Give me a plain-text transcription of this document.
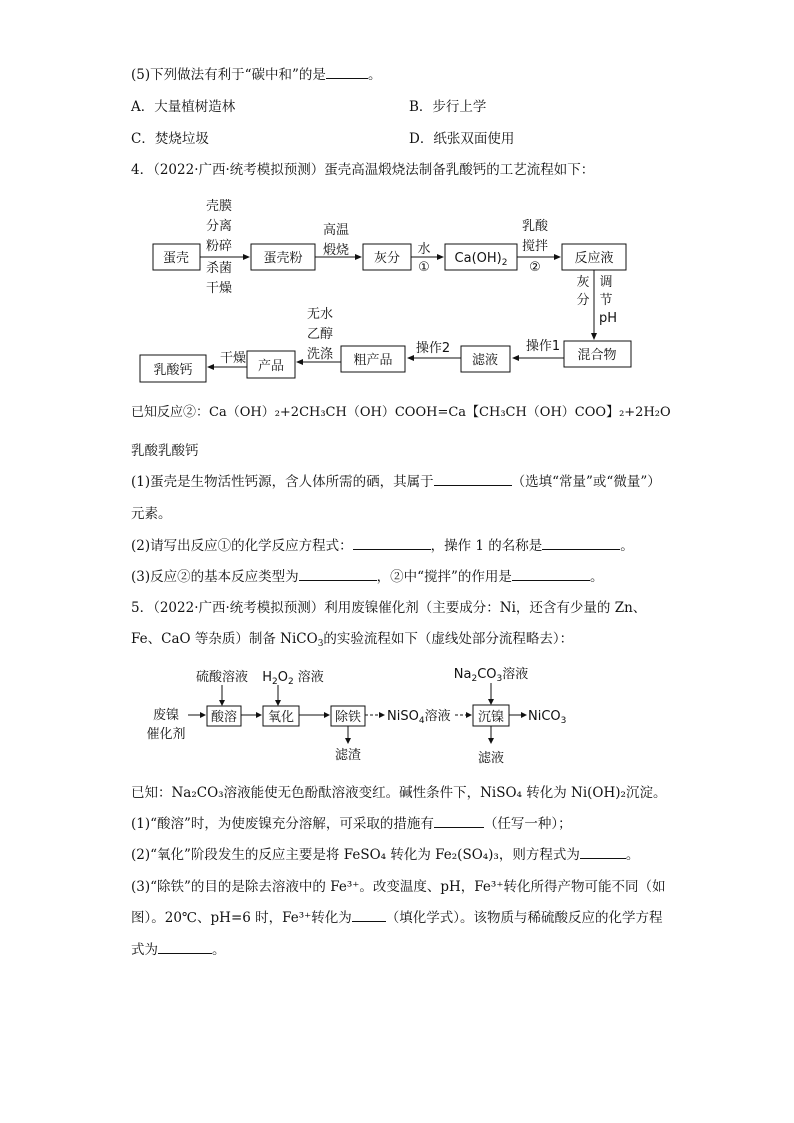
(5)下列做法有利于“碳中和”的是	。
A．大量植树造林	B．步行上学
C．焚烧垃圾	D．纸张双面使用
4．（2022·广西·统考模拟预测）蛋壳高温煅烧法制备乳酸钙的工艺流程如下：
蛋壳
壳膜
分离
粉碎
杀菌
干燥
蛋壳粉
高温
煅烧
灰分
水
①
$Ca(OH)_2$
乳酸
搅拌
②
反应液
灰
分
调
节
pH
混合物
操作1
滤液
操作2
粗产品
无水
乙醇
洗涤
产品
干燥
乳酸钙
已知反应②：Ca（OH）₂+2CH₃CH（OH）COOH=Ca【CH₃CH（OH）COO】₂+2H₂O
乳酸乳酸钙
(1)蛋壳是生物活性钙源，含人体所需的硒，其属于	（选填“常量”或“微量”）
元素。
(2)请写出反应①的化学反应方程式：	，操作 1 的名称是	。
(3)反应②的基本反应类型为	，②中“搅拌”的作用是	。
5．（2022·广西·统考模拟预测）利用废镍催化剂（主要成分：Ni，还含有少量的 Zn、
Fe、CaO 等杂质）制备 NiCO$_3$的实验流程如下（虚线处部分流程略去）：
硫酸溶液 $H_2O_2$ 溶液	$Na_2CO_3$溶液
废镍
催化剂
酸溶 氧化	除铁
滤渣
NiSO$_4$溶液 沉镍
滤液
NiCO$_3$
已知：Na₂CO₃溶液能使无色酚酞溶液变红。碱性条件下，NiSO₄ 转化为 Ni(OH)₂沉淀。
(1)“酸溶”时，为使废镍充分溶解，可采取的措施有	（任写一种）；
(2)“氧化”阶段发生的反应主要是将 FeSO₄ 转化为 Fe₂(SO₄)₃，则方程式为	。
(3)“除铁”的目的是除去溶液中的 Fe³⁺。改变温度、pH，Fe³⁺转化所得产物可能不同（如
图）。20℃、pH=6 时，Fe³⁺转化为	（填化学式）。该物质与稀硫酸反应的化学方程
式为	。
